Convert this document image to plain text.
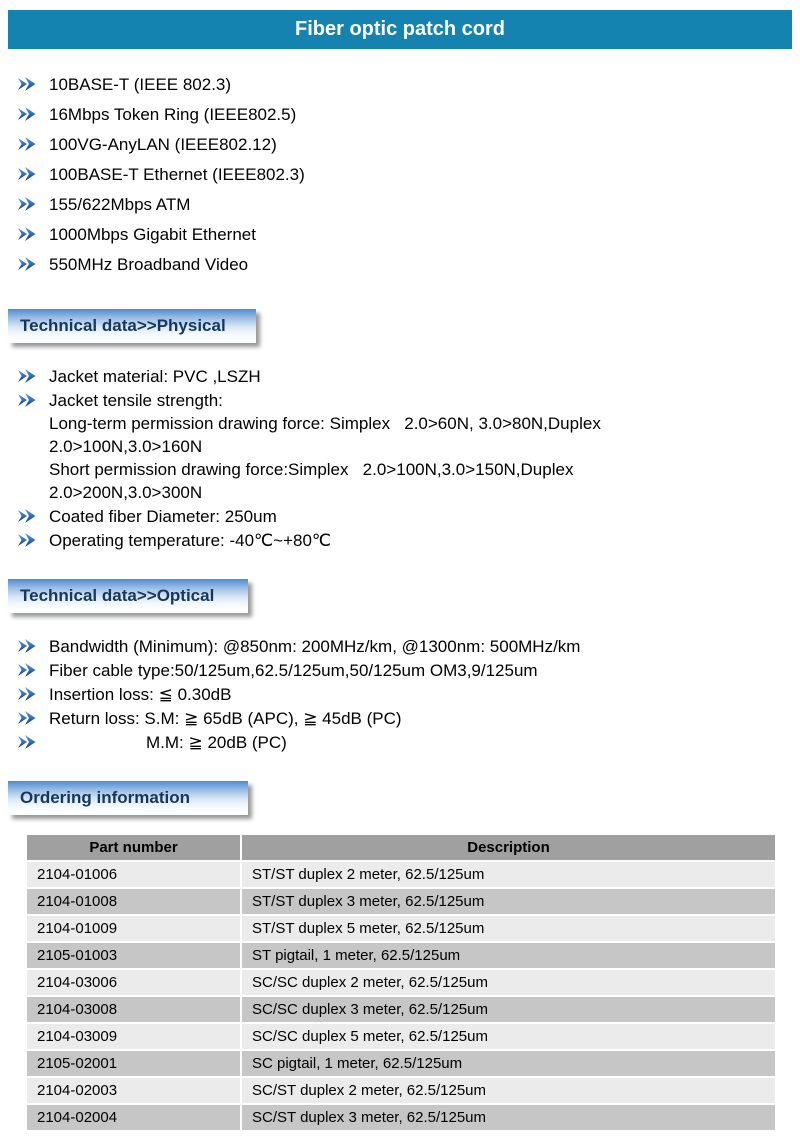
Fiber optic patch cord
10BASE-T (IEEE 802.3)
16Mbps Token Ring (IEEE802.5)
100VG-AnyLAN (IEEE802.12)
100BASE-T Ethernet (IEEE802.3)
155/622Mbps ATM
1000Mbps Gigabit Ethernet
550MHz Broadband Video
Technical data>>Physical
Jacket material: PVC ,LSZH
Jacket tensile strength:
Long-term permission drawing force: Simplex   2.0>60N, 3.0>80N,Duplex
2.0>100N,3.0>160N
Short permission drawing force:Simplex   2.0>100N,3.0>150N,Duplex
2.0>200N,3.0>300N
Coated fiber Diameter: 250um
Operating temperature: -40℃~+80℃
Technical data>>Optical
Bandwidth (Minimum): @850nm: 200MHz/km, @1300nm: 500MHz/km
Fiber cable type:50/125um,62.5/125um,50/125um OM3,9/125um
Insertion loss: ≦ 0.30dB
Return loss: S.M: ≧ 65dB (APC), ≧ 45dB (PC)
M.M: ≧ 20dB (PC)
Ordering information
Part number	Description
2104-01006	ST/ST duplex 2 meter, 62.5/125um
2104-01008	ST/ST duplex 3 meter, 62.5/125um
2104-01009	ST/ST duplex 5 meter, 62.5/125um
2105-01003	ST pigtail, 1 meter, 62.5/125um
2104-03006	SC/SC duplex 2 meter, 62.5/125um
2104-03008	SC/SC duplex 3 meter, 62.5/125um
2104-03009	SC/SC duplex 5 meter, 62.5/125um
2105-02001	SC pigtail, 1 meter, 62.5/125um
2104-02003	SC/ST duplex 2 meter, 62.5/125um
2104-02004	SC/ST duplex 3 meter, 62.5/125um
